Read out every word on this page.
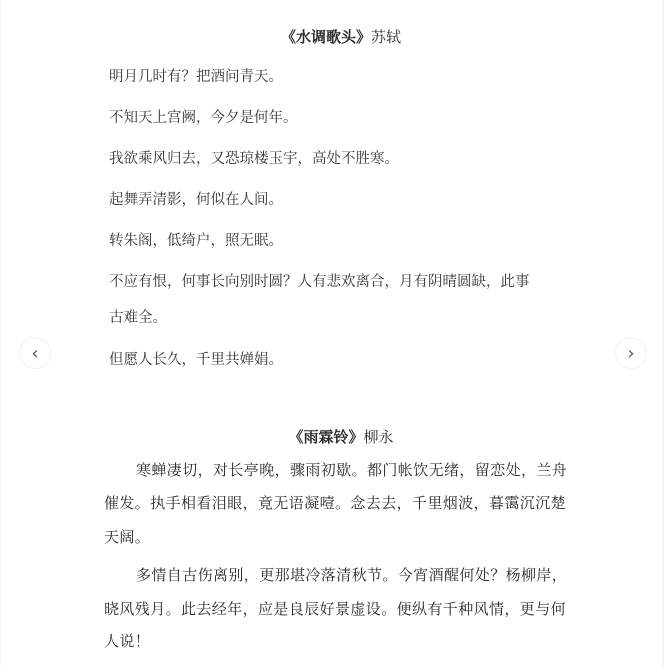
《水调歌头》苏轼
明月几时有？把酒问青天。
不知天上宫阙，今夕是何年。
我欲乘风归去，又恐琼楼玉宇，高处不胜寒。
起舞弄清影，何似在人间。
转朱阁，低绮户，照无眠。
不应有恨，何事长向别时圆？人有悲欢离合，月有阴晴圆缺，此事
古难全。
但愿人长久，千里共婵娟。
《雨霖铃》柳永
寒蝉凄切，对长亭晚，骤雨初歇。都门帐饮无绪，留恋处，兰舟
催发。执手相看泪眼，竟无语凝噎。念去去，千里烟波，暮霭沉沉楚
天阔。
多情自古伤离别，更那堪冷落清秋节。今宵酒醒何处？杨柳岸，
晓风残月。此去经年，应是良辰好景虚设。便纵有千种风情，更与何
人说！
‹	›
